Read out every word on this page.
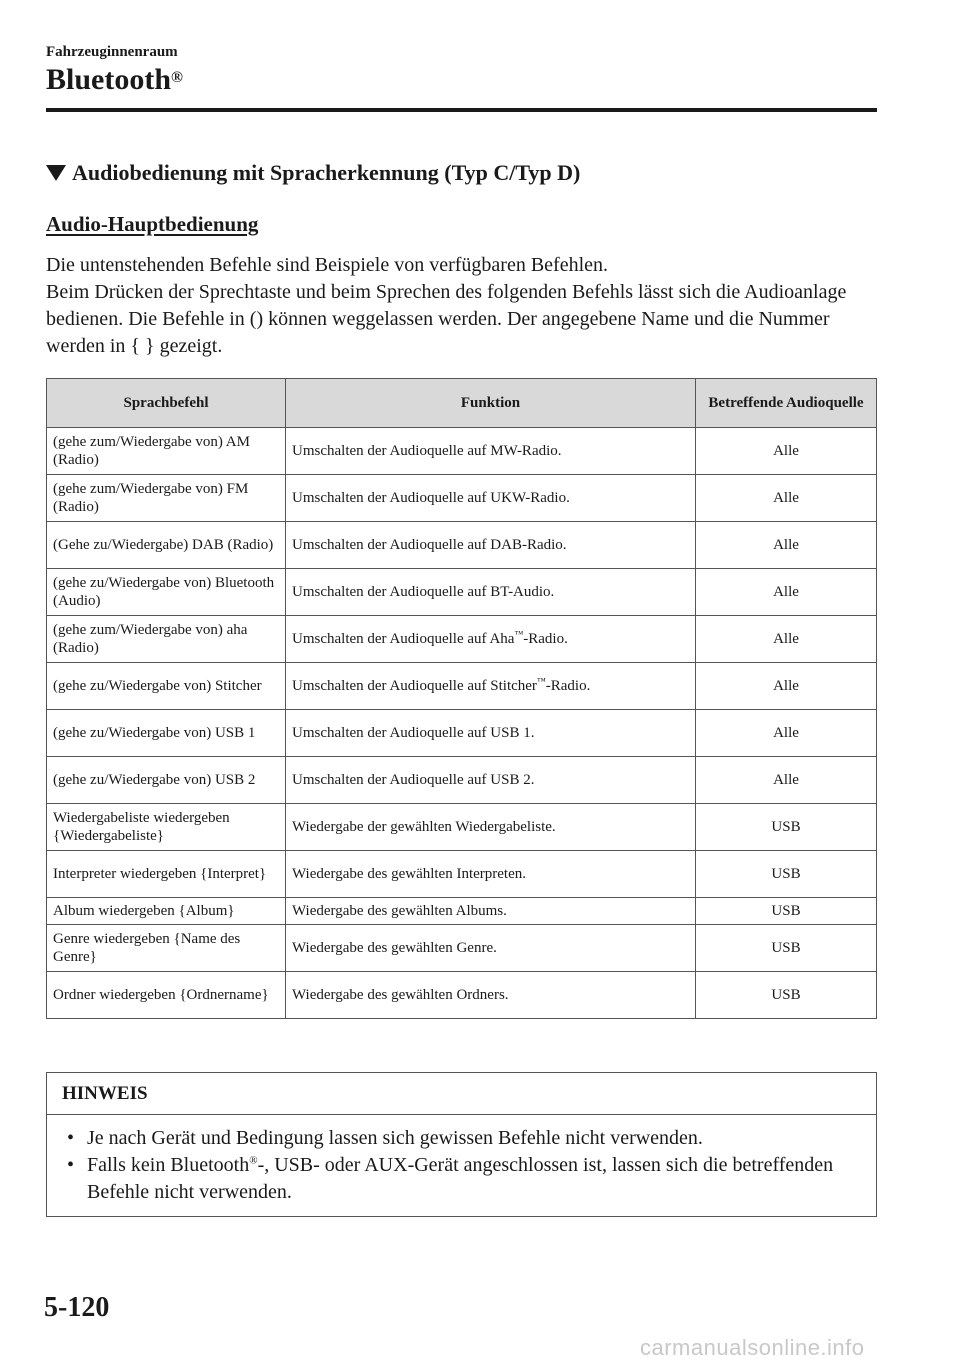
Fahrzeuginnenraum
Bluetooth®
Audiobedienung mit Spracherkennung (Typ C/Typ D)
Audio-Hauptbedienung

Die untenstehenden Befehle sind Beispiele von verfügbaren Befehlen.

Beim Drücken der Sprechtaste und beim Sprechen des folgenden Befehls lässt sich die Audioanlage bedienen. Die Befehle in () können weggelassen werden. Der angegebene Name und die Nummer werden in { } gezeigt.

Sprachbefehl	Funktion	Betreffende Audioquelle
(gehe zum/Wiedergabe von) AM (Radio)	Umschalten der Audioquelle auf MW-Radio.	Alle
(gehe zum/Wiedergabe von) FM (Radio)	Umschalten der Audioquelle auf UKW-Radio.	Alle
(Gehe zu/Wiedergabe) DAB (Radio)	Umschalten der Audioquelle auf DAB-Radio.	Alle
(gehe zu/Wiedergabe von) Bluetooth (Audio)	Umschalten der Audioquelle auf BT-Audio.	Alle
(gehe zum/Wiedergabe von) aha (Radio)	Umschalten der Audioquelle auf Aha™-Radio.	Alle
(gehe zu/Wiedergabe von) Stitcher	Umschalten der Audioquelle auf Stitcher™-Radio.	Alle
(gehe zu/Wiedergabe von) USB 1	Umschalten der Audioquelle auf USB 1.	Alle
(gehe zu/Wiedergabe von) USB 2	Umschalten der Audioquelle auf USB 2.	Alle
Wiedergabeliste wiedergeben {Wiedergabeliste}	Wiedergabe der gewählten Wiedergabeliste.	USB
Interpreter wiedergeben {Interpret}	Wiedergabe des gewählten Interpreten.	USB
Album wiedergeben {Album}	Wiedergabe des gewählten Albums.	USB
Genre wiedergeben {Name des Genre}	Wiedergabe des gewählten Genre.	USB
Ordner wiedergeben {Ordnername}	Wiedergabe des gewählten Ordners.	USB
HINWEIS
• Je nach Gerät und Bedingung lassen sich gewissen Befehle nicht verwenden.
• Falls kein Bluetooth®-, USB- oder AUX-Gerät angeschlossen ist, lassen sich die betreffenden Befehle nicht verwenden.
5-120
carmanualsonline.info
